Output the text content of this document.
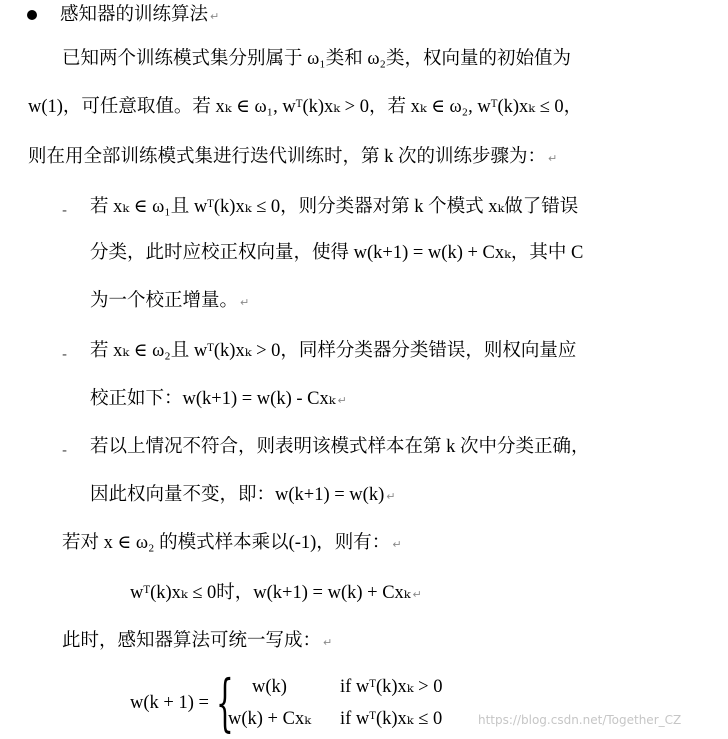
感知器的训练算法 ↵
已知两个训练模式集分别属于 ω₁类和 ω₂类，权向量的初始值为
w(1)，可任意取值。若 xₖ ∈ ω₁, wᵀ(k)xₖ > 0，若 xₖ ∈ ω₂, wᵀ(k)xₖ ≤ 0，
则在用全部训练模式集进行迭代训练时，第 k 次的训练步骤为： ↵
- 若 xₖ ∈ ω₁且 wᵀ(k)xₖ ≤ 0，则分类器对第 k 个模式 xₖ做了错误
分类，此时应校正权向量，使得 w(k+1) = w(k) + Cxₖ，其中 C
为一个校正增量。 ↵
- 若 xₖ ∈ ω₂且 wᵀ(k)xₖ > 0，同样分类器分类错误，则权向量应
校正如下：w(k+1) = w(k) - Cxₖ ↵
- 若以上情况不符合，则表明该模式样本在第 k 次中分类正确，
因此权向量不变，即：w(k+1) = w(k) ↵
若对 x ∈ ω₂ 的模式样本乘以(-1)，则有： ↵
wᵀ(k)xₖ ≤ 0时，w(k+1) = w(k) + Cxₖ ↵
此时，感知器算法可统一写成： ↵
w(k + 1) = { w(k)	if wᵀ(k)xₖ > 0
w(k) + Cxₖ if wᵀ(k)xₖ ≤ 0	https://blog.csdn.net/Together_CZ
